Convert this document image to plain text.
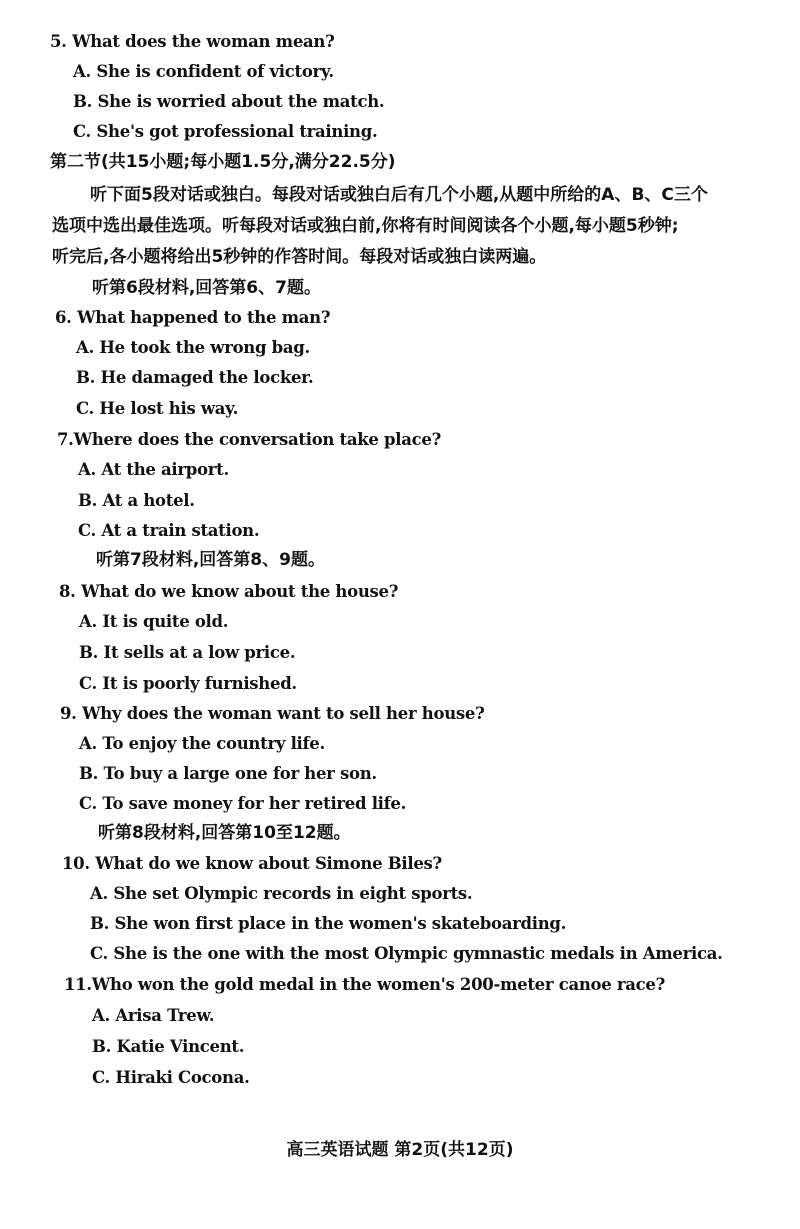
5. What does the woman mean?
A. She is confident of victory.
B. She is worried about the match.
C. She's got professional training.
第二节(共15小题;每小题1.5分,满分22.5分)
听下面5段对话或独白。每段对话或独白后有几个小题,从题中所给的A、B、C三个
选项中选出最佳选项。听每段对话或独白前,你将有时间阅读各个小题,每小题5秒钟;
听完后,各小题将给出5秒钟的作答时间。每段对话或独白读两遍。
听第6段材料,回答第6、7题。
6. What happened to the man?
A. He took the wrong bag.
B. He damaged the locker.
C. He lost his way.
7.Where does the conversation take place?
A. At the airport.
B. At a hotel.
C. At a train station.
听第7段材料,回答第8、9题。
8. What do we know about the house?
A. It is quite old.
B. It sells at a low price.
C. It is poorly furnished.
9. Why does the woman want to sell her house?
A. To enjoy the country life.
B. To buy a large one for her son.
C. To save money for her retired life.
听第8段材料,回答第10至12题。
10. What do we know about Simone Biles?
A. She set Olympic records in eight sports.
B. She won first place in the women's skateboarding.
C. She is the one with the most Olympic gymnastic medals in America.
11.Who won the gold medal in the women's 200-meter canoe race?
A. Arisa Trew.
B. Katie Vincent.
C. Hiraki Cocona.
高三英语试题 第2页(共12页)
